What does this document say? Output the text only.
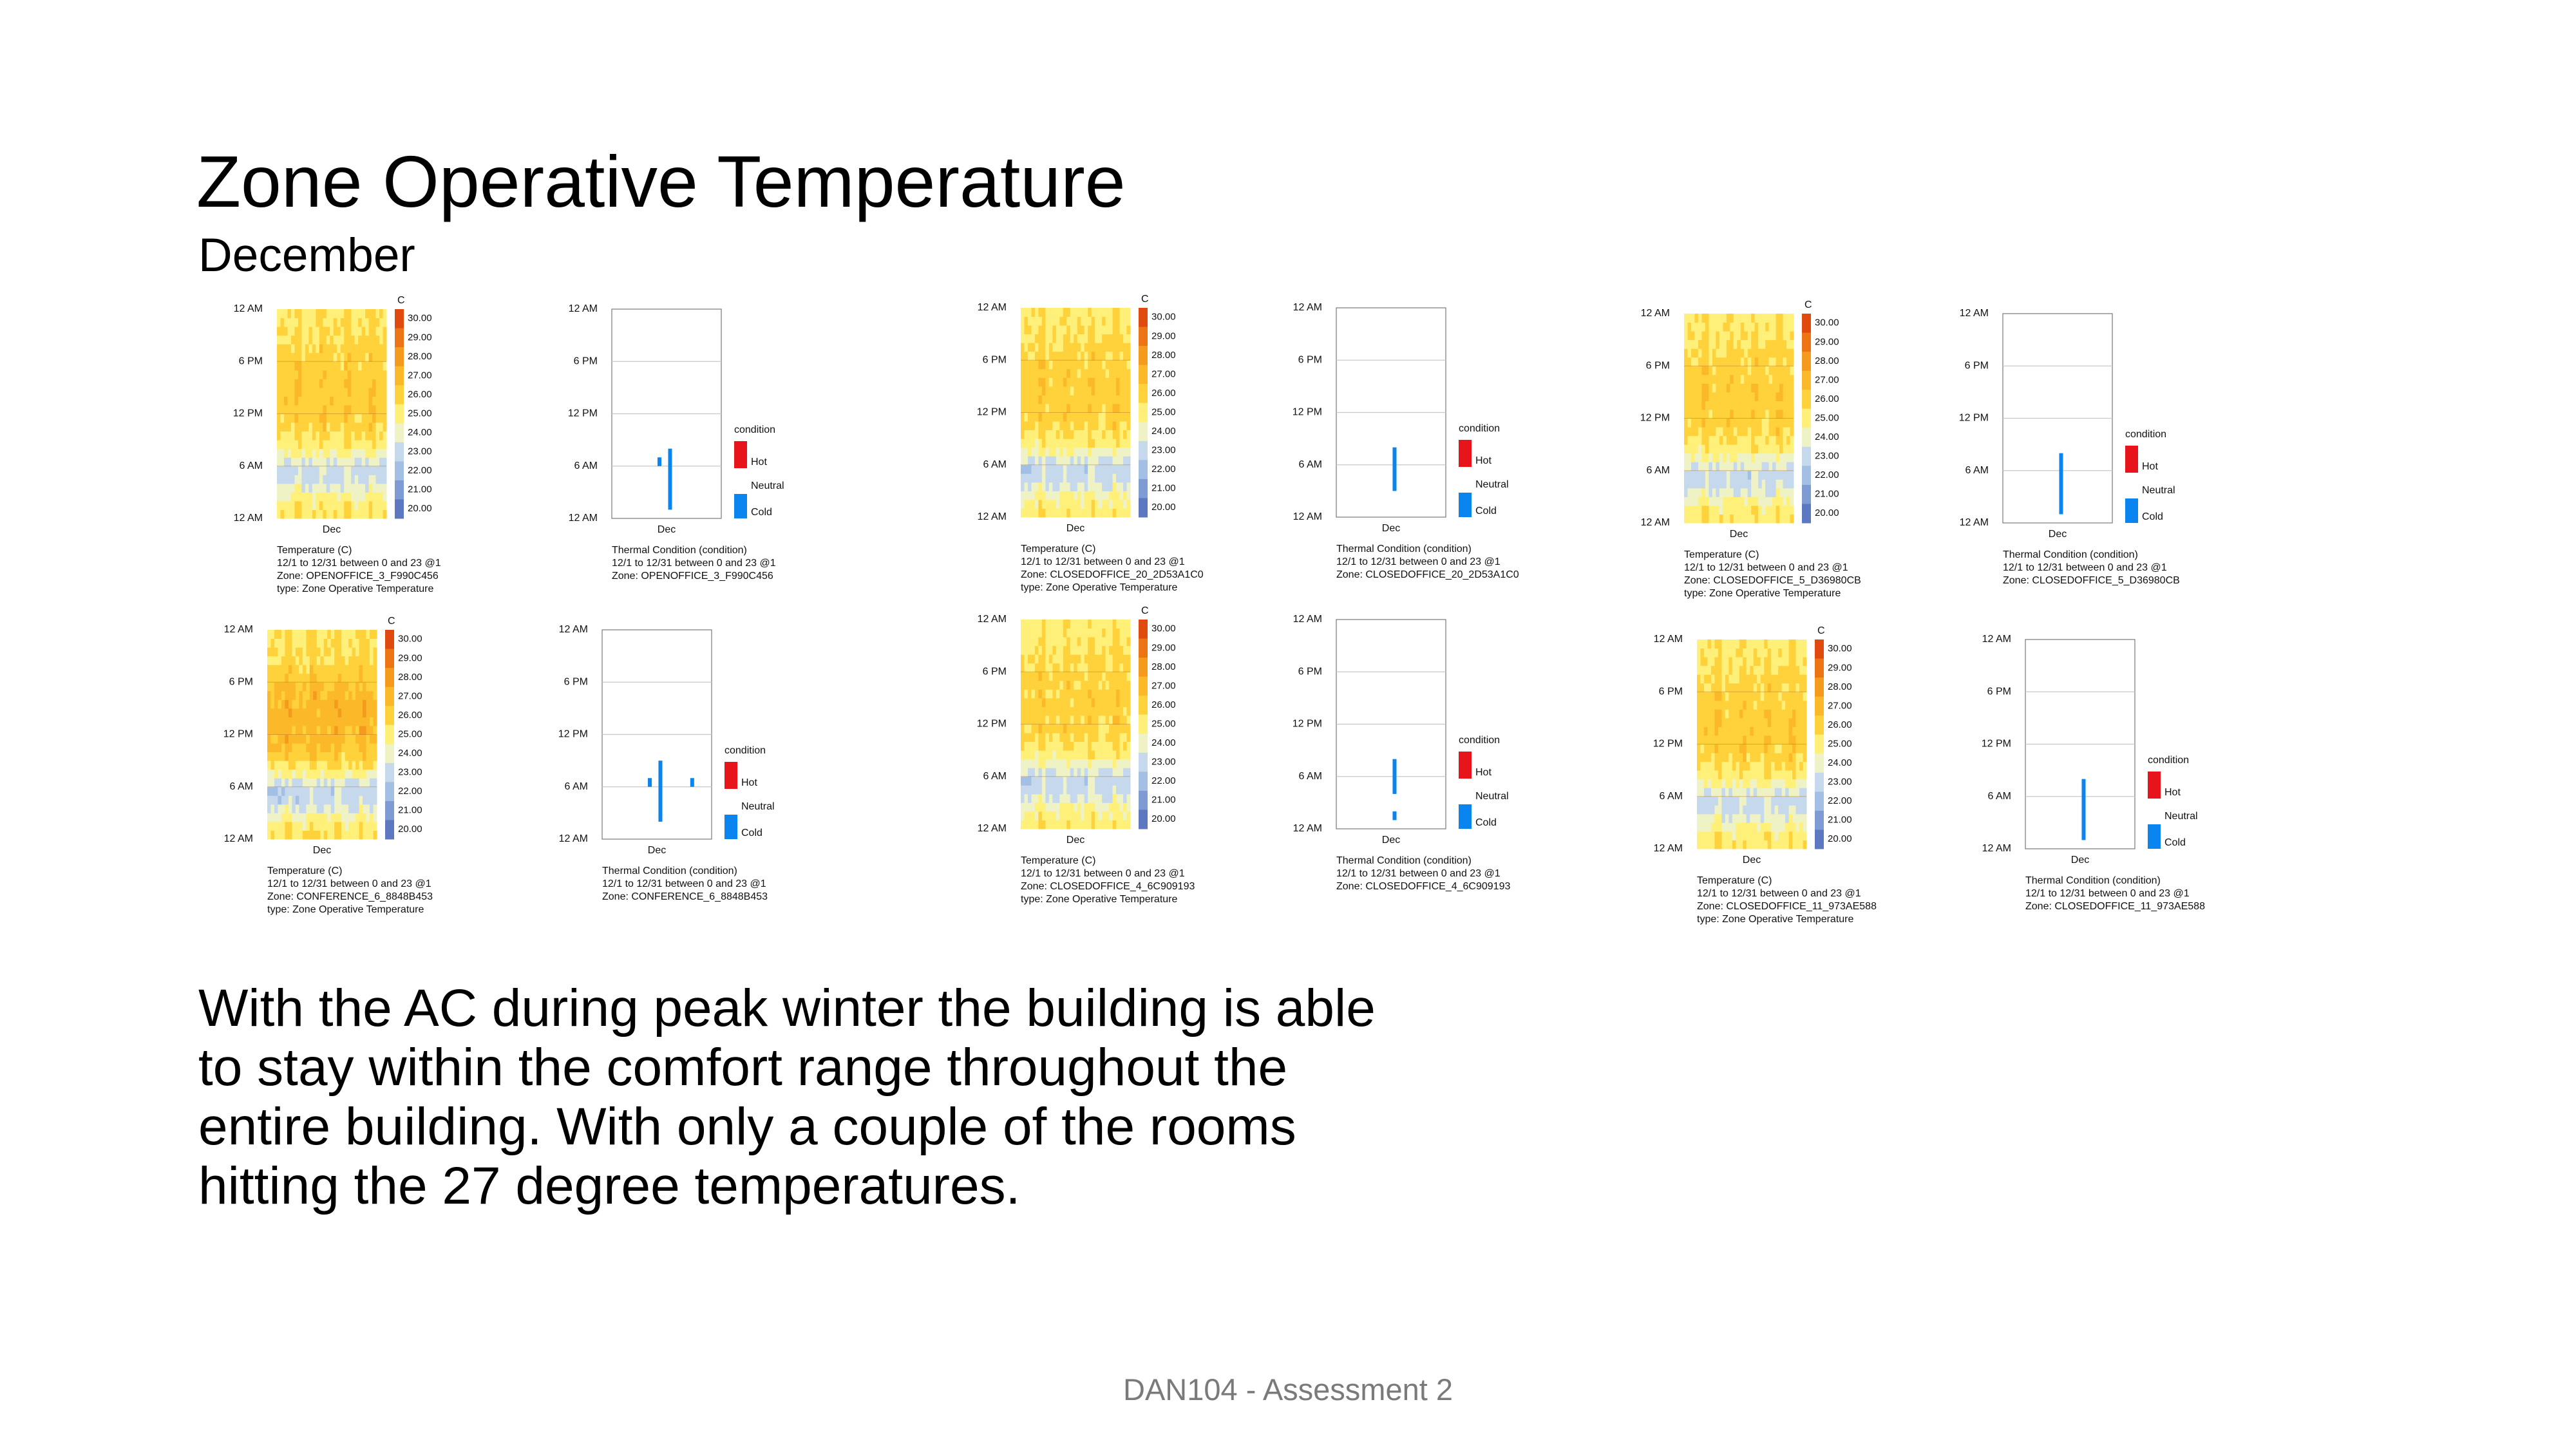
Zone Operative Temperature
December
12 AM
6 PM
12 PM
6 AM
12 AM
30.00
29.00
28.00
27.00
26.00
25.00
24.00
23.00
22.00
21.00
20.00
C
Dec
Temperature (C)
12/1 to 12/31 between 0 and 23 @1
Zone: OPENOFFICE_3_F990C456
type: Zone Operative Temperature
12 AM
6 PM
12 PM
6 AM
12 AM
condition
Hot
Neutral
Cold
Dec
Thermal Condition (condition)
12/1 to 12/31 between 0 and 23 @1
Zone: OPENOFFICE_3_F990C456
12 AM
6 PM
12 PM
6 AM
12 AM
30.00
29.00
28.00
27.00
26.00
25.00
24.00
23.00
22.00
21.00
20.00
C
Dec
Temperature (C)
12/1 to 12/31 between 0 and 23 @1
Zone: CLOSEDOFFICE_20_2D53A1C0
type: Zone Operative Temperature
12 AM
6 PM
12 PM
6 AM
12 AM
condition
Hot
Neutral
Cold
Dec
Thermal Condition (condition)
12/1 to 12/31 between 0 and 23 @1
Zone: CLOSEDOFFICE_20_2D53A1C0
12 AM
6 PM
12 PM
6 AM
12 AM
30.00
29.00
28.00
27.00
26.00
25.00
24.00
23.00
22.00
21.00
20.00
C
Dec
Temperature (C)
12/1 to 12/31 between 0 and 23 @1
Zone: CLOSEDOFFICE_5_D36980CB
type: Zone Operative Temperature
12 AM
6 PM
12 PM
6 AM
12 AM
condition
Hot
Neutral
Cold
Dec
Thermal Condition (condition)
12/1 to 12/31 between 0 and 23 @1
Zone: CLOSEDOFFICE_5_D36980CB
12 AM
6 PM
12 PM
6 AM
12 AM
30.00
29.00
28.00
27.00
26.00
25.00
24.00
23.00
22.00
21.00
20.00
C
Dec
Temperature (C)
12/1 to 12/31 between 0 and 23 @1
Zone: CONFERENCE_6_8848B453
type: Zone Operative Temperature
12 AM
6 PM
12 PM
6 AM
12 AM
condition
Hot
Neutral
Cold
Dec
Thermal Condition (condition)
12/1 to 12/31 between 0 and 23 @1
Zone: CONFERENCE_6_8848B453
12 AM
6 PM
12 PM
6 AM
12 AM
30.00
29.00
28.00
27.00
26.00
25.00
24.00
23.00
22.00
21.00
20.00
C
Dec
Temperature (C)
12/1 to 12/31 between 0 and 23 @1
Zone: CLOSEDOFFICE_4_6C909193
type: Zone Operative Temperature
12 AM
6 PM
12 PM
6 AM
12 AM
condition
Hot
Neutral
Cold
Dec
Thermal Condition (condition)
12/1 to 12/31 between 0 and 23 @1
Zone: CLOSEDOFFICE_4_6C909193
12 AM
6 PM
12 PM
6 AM
12 AM
30.00
29.00
28.00
27.00
26.00
25.00
24.00
23.00
22.00
21.00
20.00
C
Dec
Temperature (C)
12/1 to 12/31 between 0 and 23 @1
Zone: CLOSEDOFFICE_11_973AE588
type: Zone Operative Temperature
12 AM
6 PM
12 PM
6 AM
12 AM
condition
Hot
Neutral
Cold
Dec
Thermal Condition (condition)
12/1 to 12/31 between 0 and 23 @1
Zone: CLOSEDOFFICE_11_973AE588
With the AC during peak winter the building is able to stay within the comfort range throughout the entire building. With only a couple of the rooms hitting the 27 degree temperatures.
DAN104 - Assessment 2
